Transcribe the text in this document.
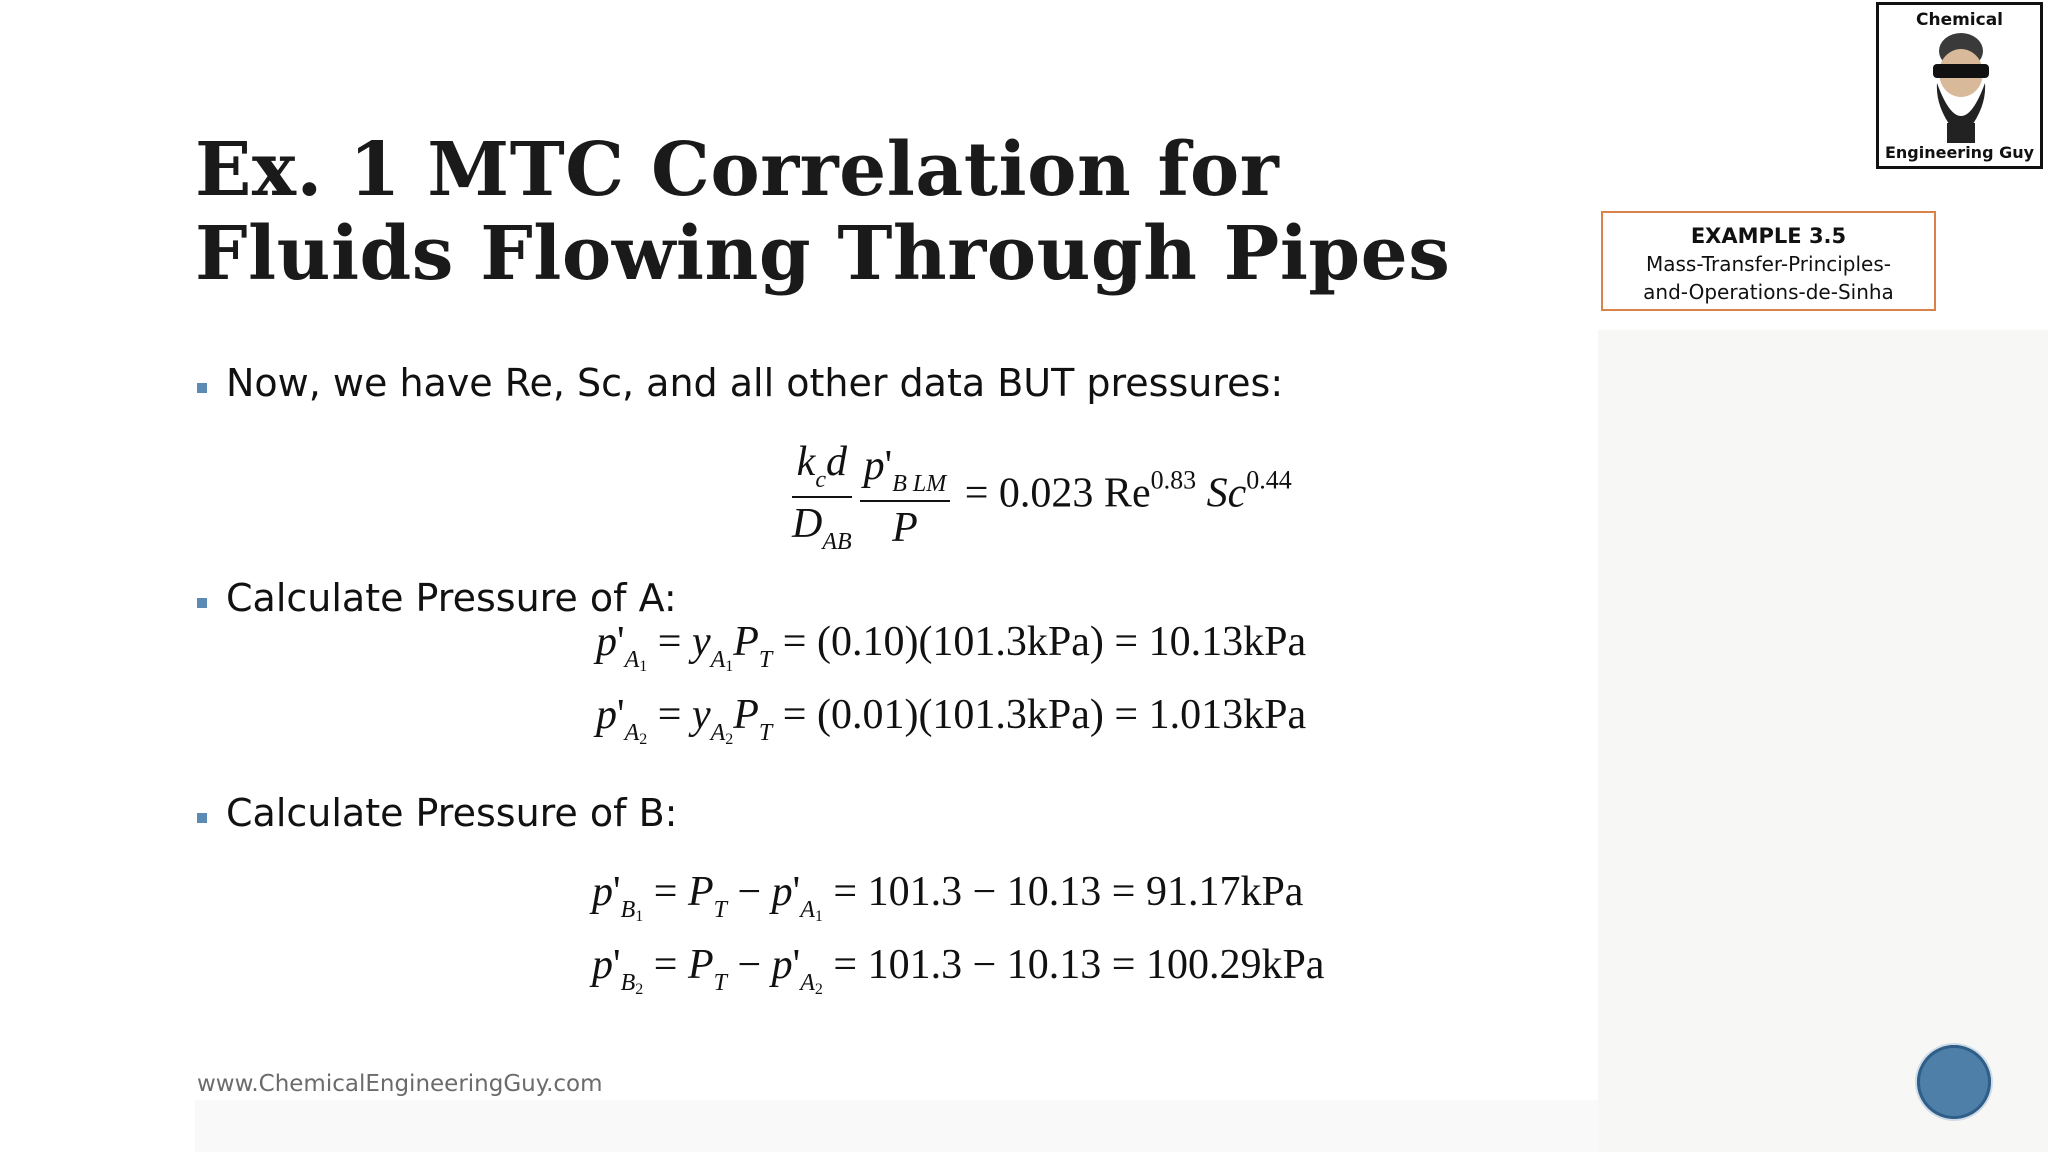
Ex. 1 MTC Correlation for
Fluids Flowing Through Pipes
Chemical
Engineering Guy
EXAMPLE 3.5
Mass-Transfer-Principles-
and-Operations-de-Sinha
Now, we have Re, Sc, and all other data BUT pressures:
$\frac{k_cd}{D_{AB}} \frac{p'_{B LM}}{P} = 0.023$ $Re^{0.83}$ $Sc^{0.44}$
Calculate Pressure of A:
$p'_{A_1} = y_{A_1}P_T = (0.10)(101.3kPa) = 10.13kPa$
$p'_{A_2} = y_{A_2}P_T = (0.01)(101.3kPa) = 1.013kPa$
Calculate Pressure of B:
$p'_{B_1} = P_T - p'_{A_1} = 101.3 - 10.13 = 91.17kPa$
$p'_{B_2} = P_T - p'_{A_2} = 101.3 - 10.13 = 100.29kPa$
www.ChemicalEngineeringGuy.com
